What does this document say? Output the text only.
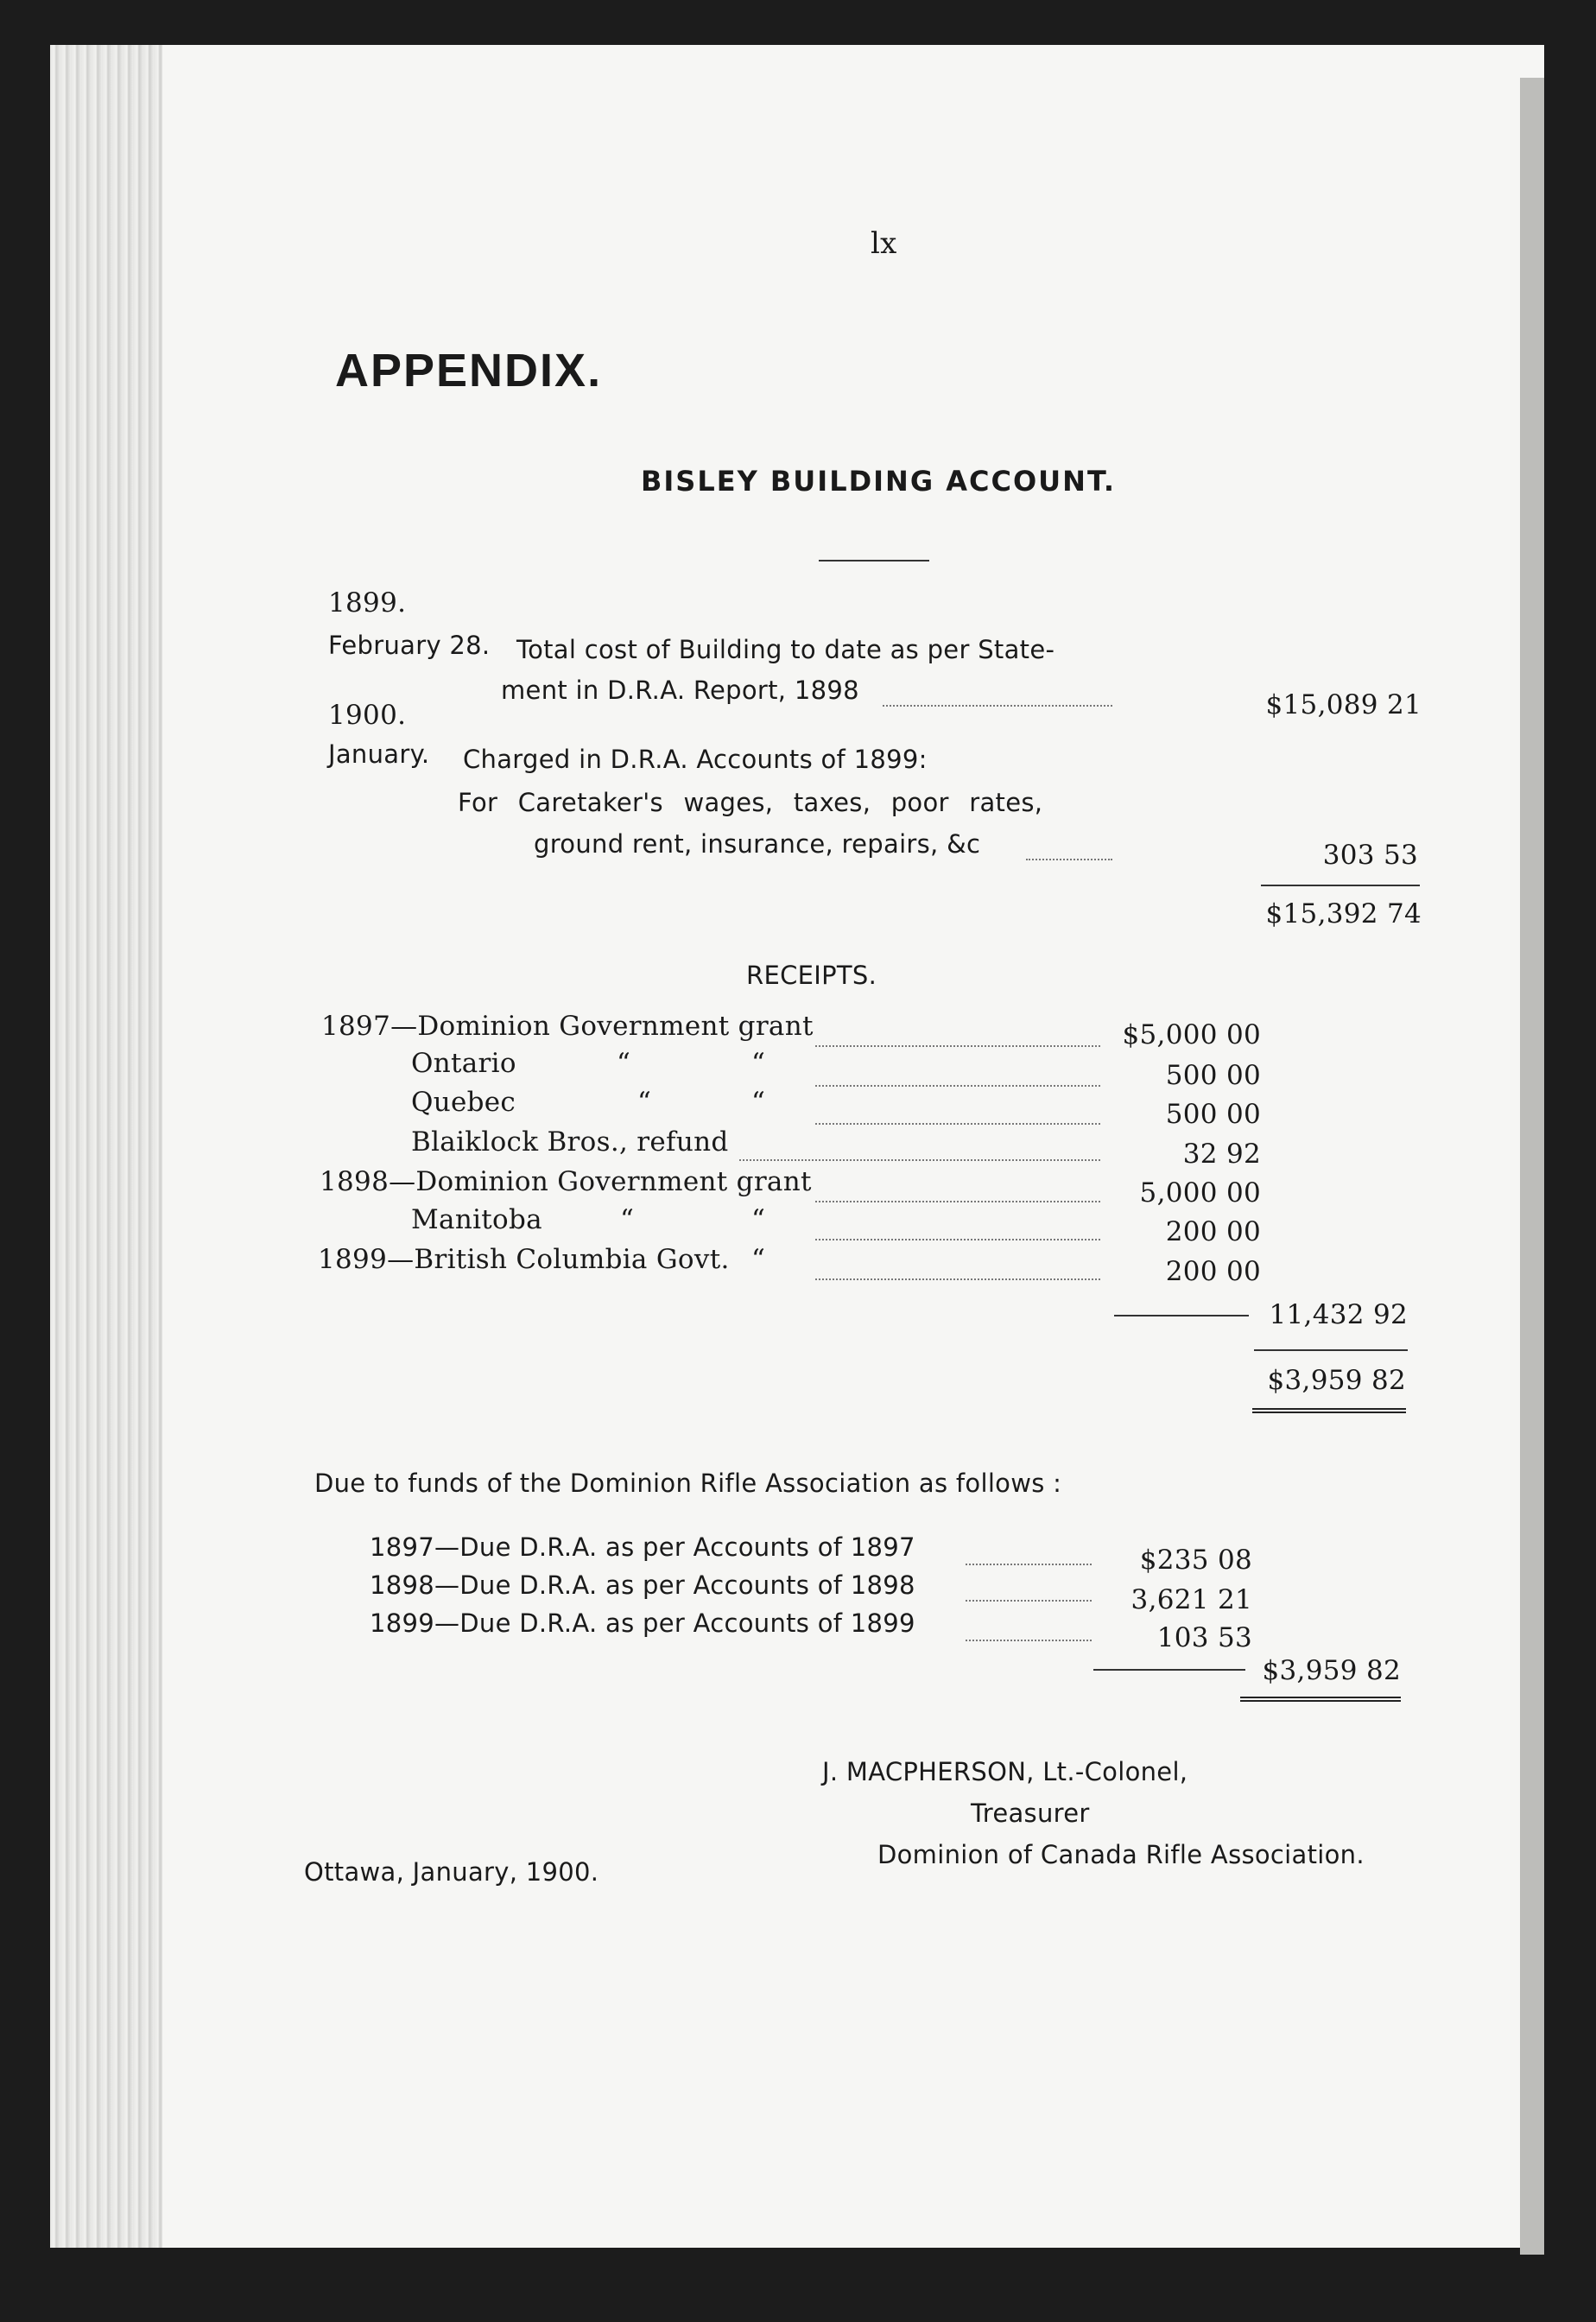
lx
APPENDIX.
BISLEY BUILDING ACCOUNT.
1899.
February 28. Total cost of Building to date as per State-
ment in D.R.A. Report, 1898	$15,089 21
1900.
January. Charged in D.R.A. Accounts of 1899:
For Caretaker's wages, taxes, poor rates,
ground rent, insurance, repairs, &c	303 53
$15,392 74
RECEIPTS.
1897—Dominion Government grant	$5,000 00
Ontario	“	“	500 00
Quebec	“	“	500 00
Blaiklock Bros., refund	32 92
1898—Dominion Government grant	5,000 00
Manitoba	“	“	200 00
1899—British Columbia Govt. “	200 00
11,432 92
$3,959 82
Due to funds of the Dominion Rifle Association as follows :
1897—Due D.R.A. as per Accounts of 1897	$235 08
1898—Due D.R.A. as per Accounts of 1898	3,621 21
1899—Due D.R.A. as per Accounts of 1899	103 53
$3,959 82
J. MACPHERSON, Lt.-Colonel,
Treasurer
Dominion of Canada Rifle Association.
Ottawa, January, 1900.
